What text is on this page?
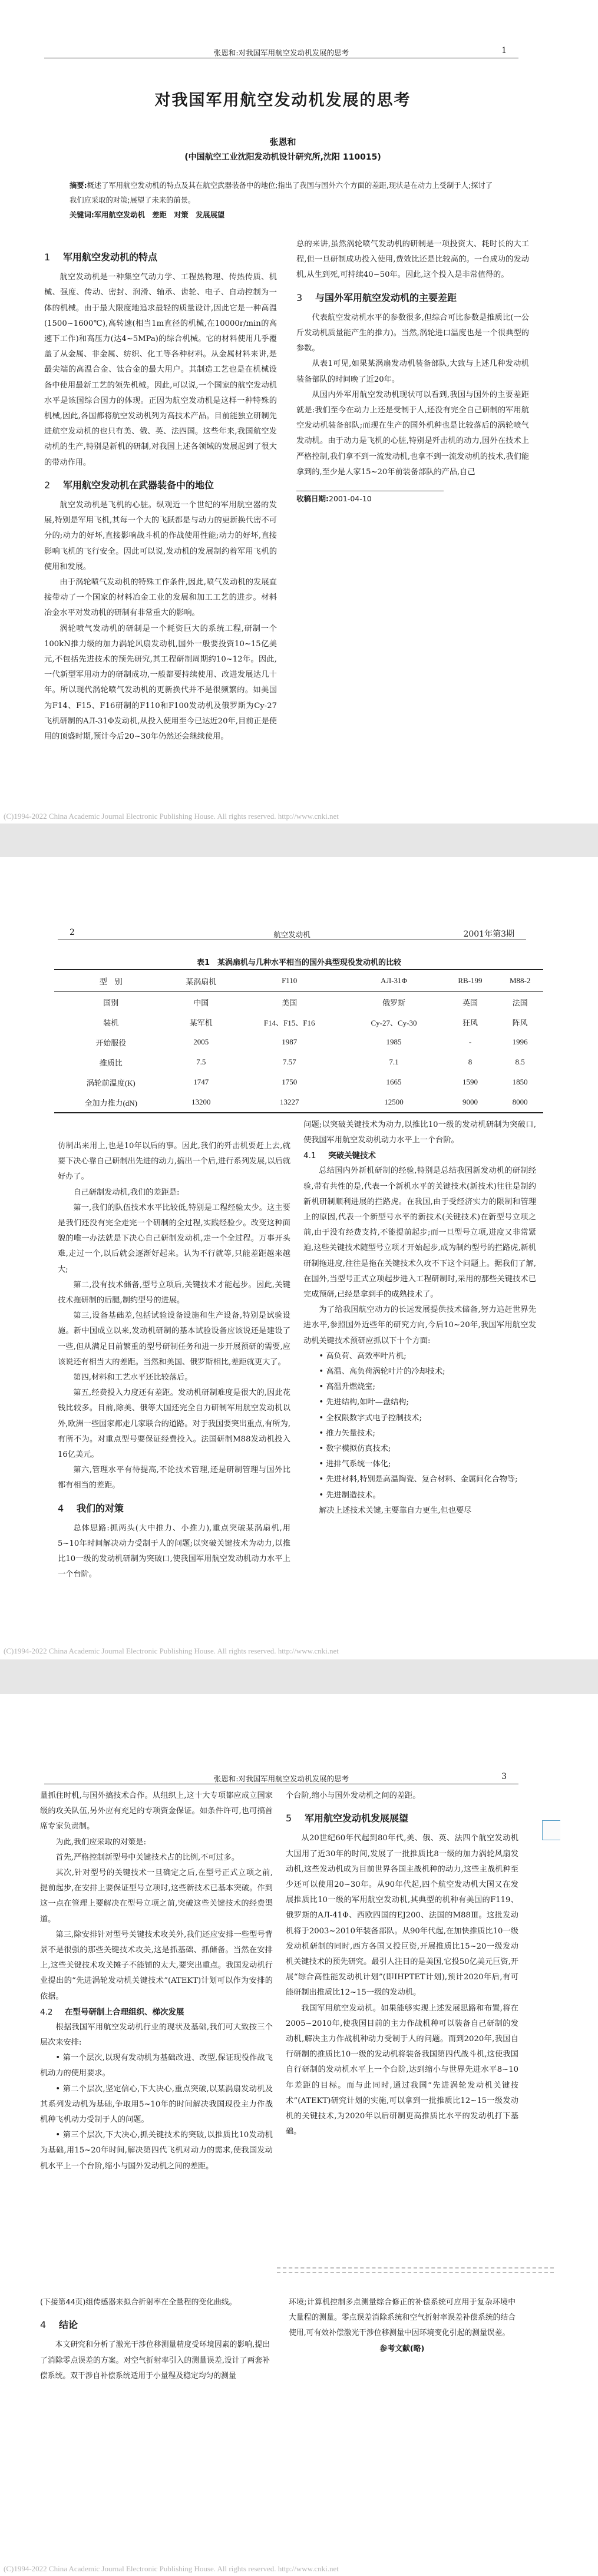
张恩和:对我国军用航空发动机发展的思考	1
对我国军用航空发动机发展的思考
张恩和
(中国航空工业沈阳发动机设计研究所,沈阳 110015)
摘要:概述了军用航空发动机的特点及其在航空武器装备中的地位;指出了我国与国外六个方面的差距,现状是在动力上受制于人;探讨了我们应采取的对策;展望了未来的前景。
关键词:军用航空发动机　差距　对策　发展展望
1 军用航空发动机的特点

航空发动机是一种集空气动力学、工程热物理、传热传质、机械、强度、传动、密封、润滑、轴承、齿轮、电子、自动控制为一体的机械。由于最大限度地追求最轻的质量设计,因此它是一种高温(1500~1600℃),高转速(相当1m直径的机械,在10000r/min的高速下工作)和高压力(达4~5MPa)的综合机械。它的材料使用几乎覆盖了从金属、非金属、纺织、化工等各种材料。从金属材料来讲,是最尖端的高温合金、钛合金的最大用户。其制造工艺也是在机械设备中使用最新工艺的领先机械。因此,可以说,一个国家的航空发动机水平是该国综合国力的体现。正因为航空发动机是这样一种特殊的机械,因此,各国都将航空发动机列为高技术产品。目前能独立研制先进航空发动机的也只有美、俄、英、法四国。这些年来,我国航空发动机的生产,特别是新机的研制,对我国上述各领域的发展起到了很大的带动作用。

2 军用航空发动机在武器装备中的地位

航空发动机是飞机的心脏。纵观近一个世纪的军用航空器的发展,特别是军用飞机,其每一个大的飞跃都是与动力的更新换代密不可分的;动力的好坏,直接影响战斗机的作战使用性能;动力的好坏,直接影响飞机的飞行安全。因此可以说,发动机的发展制约着军用飞机的使用和发展。

由于涡轮喷气发动机的特殊工作条件,因此,喷气发动机的发展直接带动了一个国家的材料冶金工业的发展和加工工艺的进步。材料冶金水平对发动机的研制有非常重大的影响。

涡轮喷气发动机的研制是一个耗资巨大的系统工程,研制一个100kN推力级的加力涡轮风扇发动机,国外一般要投资10~15亿美元,不包括先进技术的预先研究,其工程研制周期约10~12年。因此,一代新型军用动力的研制成功,一般都要持续使用、改进发展达几十年。所以现代涡轮喷气发动机的更新换代并不是很频繁的。如美国为F14、F15、F16研制的F110和F100发动机及俄罗斯为Cy-27飞机研制的AЛ-31Φ发动机,从投入使用至今已达近20年,目前正是使用的顶盛时期,预计今后20~30年仍然还会继续使用。

总的来讲,虽然涡轮喷气发动机的研制是一项投资大、耗时长的大工程,但一旦研制成功投入使用,费效比还是比较高的。一台成功的发动机,从生到死,可持续40~50年。因此,这个投入是非常值得的。

3 与国外军用航空发动机的主要差距

代表航空发动机水平的参数很多,但综合可比参数是推质比(一公斤发动机质量能产生的推力)。当然,涡轮进口温度也是一个很典型的参数。

从表1可见,如果某涡扇发动机装备部队,大致与上述几种发动机装备部队的时间晚了近20年。

从国内外军用航空发动机现状可以看到,我国与国外的主要差距就是:我们至今在动力上还是受制于人,还没有完全自己研制的军用航空发动机装备部队;而现在生产的国外机种也是比较落后的涡轮喷气发动机。由于动力是飞机的心脏,特别是歼击机的动力,国外在技术上严格控制,我们拿不到一流发动机,也拿不到一流发动机的技术,我们能拿到的,至少是人家15~20年前装备部队的产品,自己

收稿日期:2001-04-10
(C)1994-2022 China Academic Journal Electronic Publishing House. All rights reserved. http://www.cnki.net
2	航空发动机	2001年第3期
表1　某涡扇机与几种水平相当的国外典型现役发动机的比较
型　别	某涡扇机	F110	AЛ-31Φ	RB-199	M88-2
国别	中国	美国	俄罗斯	英国	法国
装机	某军机	F14、F15、F16	Cy-27、Cy-30	狂风	阵风
开始服役	2005	1987	1985	-	1996
推质比	7.5	7.57	7.1	8	8.5
涡轮前温度(K)	1747	1750	1665	1590	1850
全加力推力(dN)	13200	13227	12500	9000	8000

仿制出来用上,也是10年以后的事。因此,我们的歼击机要赶上去,就要下决心靠自己研制出先进的动力,搞出一个后,进行系列发展,以后就好办了。

自己研制发动机,我们的差距是:

第一,我们的队伍技术水平比较低,特别是工程经验太少。这主要是我们还没有完全走完一个研制的全过程,实践经验少。改变这种面貌的唯一办法就是下决心自己研制发动机,走一个全过程。万事开头难,走过一个,以后就会逐渐好起来。认为不行就等,只能差距越来越大;

第二,没有技术储备,型号立项后,关键技术才能起步。因此,关键技术拖研制的后腿,制约型号的进展。

第三,设备基础差,包括试验设备设施和生产设备,特别是试验设施。新中国成立以来,发动机研制的基本试验设备应该说还是建设了一些,但从满足目前繁重的型号研制任务和进一步开展预研的需要,应该说还有相当大的差距。当然和美国、俄罗斯相比,差距就更大了。

第四,材料和工艺水平还比较落后。

第五,经费投入力度还有差距。发动机研制难度是很大的,因此花钱比较多。目前,除美、俄等大国还完全自力研制军用航空发动机以外,欧洲一些国家都走几家联合的道路。对于我国要突出重点,有所为,有所不为。对重点型号要保证经费投入。法国研制M88发动机投入16亿美元。

第六,管理水平有待提高,不论技术管理,还是研制管理与国外比都有相当的差距。

4 我们的对策

总体思路:抓两头(大中推力、小推力),重点突破某涡扇机,用5~10年时间解决动力受制于人的问题;以突破关键技术为动力,以推比10一级的发动机研制为突破口,使我国军用航空发动机动力水平上一个台阶。

问题;以突破关键技术为动力,以推比10一级的发动机研制为突破口,使我国军用航空发动机动力水平上一个台阶。

4.1 突破关键技术

总结国内外新机研制的经验,特别是总结我国新发动机的研制经验,带有共性的是,代表一个新机水平的关键技术(新技术)往往是制约新机研制顺利进展的拦路虎。在我国,由于受经济实力的限制和管理上的原因,代表一个新型号水平的新技术(关键技术)在新型号立项之前,由于没有经费支持,不能提前起步;而一旦型号立项,进度又非常紧迫,这些关键技术随型号立项才开始起步,成为制约型号的拦路虎,新机研制拖进度,往往是拖在关键技术久攻不下这个问题上。据我们了解,在国外,当型号正式立项起步进入工程研制时,采用的那些关键技术已完成预研,已经是拿到手的成熟技术了。

为了给我国航空动力的长远发展提供技术储备,努力追赶世界先进水平,参照国外近些年的研究方向,今后10~20年,我国军用航空发动机关键技术预研应抓以下十个方面:

• 高负荷、高效率叶片机;
• 高温、高负荷涡轮叶片的冷却技术;
• 高温升燃烧室;
• 先进结构,如叶—盘结构;
• 全权限数字式电子控制技术;
• 推力矢量技术;
• 数字模拟仿真技术;
• 进排气系统一体化;
• 先进材料,特别是高温陶瓷、复合材料、金属间化合物等;
• 先进制造技术。

解决上述技术关键,主要靠自力更生,但也要尽

(C)1994-2022 China Academic Journal Electronic Publishing House. All rights reserved. http://www.cnki.net
张恩和:对我国军用航空发动机发展的思考	3

量抓住时机,与国外搞技术合作。从组织上,这十大专项都应成立国家级的攻关队伍,另外应有充足的专项资金保证。如条件许可,也可搞首席专家负责制。

为此,我们应采取的对策是:

首先,严格控制新型号中关键技术占的比例,不可过多。

其次,针对型号的关键技术一旦确定之后,在型号正式立项之前,提前起步,在安排上要保证型号立项时,这些新技术已基本突破。作到这一点在管理上要解决在型号立项之前,突破这些关键技术的经费渠道。

第三,除安排针对型号关键技术攻关外,我们还应安排一些型号背景不是很强的那些关键技术攻关,这是抓基础、抓储备。当然在安排上,这些关键技术攻关摊子不能铺的太大,要突出重点。我国发动机行业提出的“先进涡轮发动机关键技术”(ATEKT)计划可以作为安排的依据。

4.2 在型号研制上合理组织、梯次发展

根据我国军用航空发动机行业的现状及基础,我们可大致按三个层次来安排:

• 第一个层次,以现有发动机为基础改进、改型,保证现役作战飞机动力的使用要求。
• 第二个层次,坚定信心,下大决心,重点突破,以某涡扇发动机及其系列发动机为基础,争取用5~10年的时间解决我国现役主力作战机种飞机动力受制于人的问题。
• 第三个层次,下大决心,抓关键技术的突破,以推质比10发动机为基础,用15~20年时间,解决第四代飞机对动力的需求,使我国发动机水平上一个台阶,缩小与国外发动机之间的差距。

个台阶,缩小与国外发动机之间的差距。

5 军用航空发动机发展展望

从20世纪60年代起到80年代,美、俄、英、法四个航空发动机大国用了近30年的时间,发展了一批推质比8一级的加力涡轮风扇发动机,这些发动机成为目前世界各国主战机种的动力,这些主战机种至少还可以使用20~30年。从90年代起,四个航空发动机大国又在发展推质比10一级的军用航空发动机,其典型的机种有美国的F119、俄罗斯的AЛ-41Φ、西欧四国的EJ200、法国的M88Ⅲ。这批发动机将于2003~2010年装备部队。从90年代起,在加快推质比10一级发动机研制的同时,西方各国又投巨资,开展推质比15~20一级发动机关键技术的预先研究。最引人注目的是美国,它投50亿美元巨资,开展“综合高性能发动机计划”(即IHPTET计划),预计2020年后,有可能研制出推质比12~15一级的发动机。

我国军用航空发动机。如果能够实现上述发展思路和布置,将在2005~2010年,使我国目前的主力作战机种可以装备自己研制的发动机,解决主力作战机种动力受制于人的问题。而到2020年,我国自行研制的推质比10一级的发动机将装备我国第四代战斗机,这使我国自行研制的发动机水平上一个台阶,达到缩小与世界先进水平8~10年差距的目标。而与此同时,通过我国“先进涡轮发动机关键技术”(ATEKT)研究计划的实施,可以拿到一批推质比12~15一级发动机的关键技术,为2020年以后研制更高推质比水平的发动机打下基础。

(下接第44页)组传感器来拟合折射率在全量程的变化曲线。

4 结论

本文研究和分析了激光干涉位移测量精度受环境因素的影响,提出了消除零点误差的方案。对空气折射率引入的测量误差,设计了两套补偿系统。双干涉自补偿系统适用于小量程及稳定均匀的测量

环境;计算机控制多点测量综合修正的补偿系统可应用于复杂环境中大量程的测量。零点误差消除系统和空气折射率误差补偿系统的结合使用,可有效补偿激光干涉位移测量中因环境变化引起的测量误差。

参考文献(略)

(C)1994-2022 China Academic Journal Electronic Publishing House. All rights reserved. http://www.cnki.net
